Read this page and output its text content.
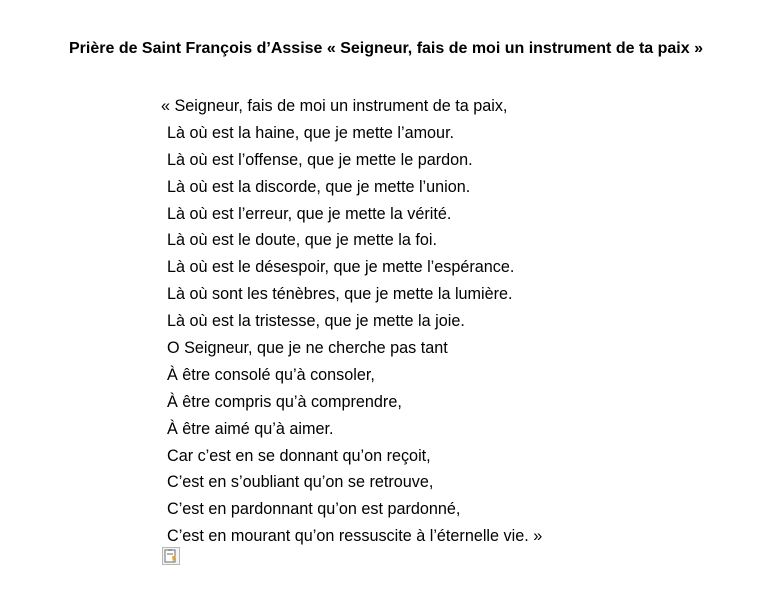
Prière de Saint François d’Assise « Seigneur, fais de moi un instrument de ta paix »
« Seigneur, fais de moi un instrument de ta paix,
Là où est la haine, que je mette l’amour.
Là où est l’offense, que je mette le pardon.
Là où est la discorde, que je mette l’union.
Là où est l’erreur, que je mette la vérité.
Là où est le doute, que je mette la foi.
Là où est le désespoir, que je mette l’espérance.
Là où sont les ténèbres, que je mette la lumière.
Là où est la tristesse, que je mette la joie.
O Seigneur, que je ne cherche pas tant
À être consolé qu’à consoler,
À être compris qu’à comprendre,
À être aimé qu’à aimer.
Car c’est en se donnant qu’on reçoit,
C’est en s’oubliant qu’on se retrouve,
C’est en pardonnant qu’on est pardonné,
C’est en mourant qu’on ressuscite à l’éternelle vie. »
